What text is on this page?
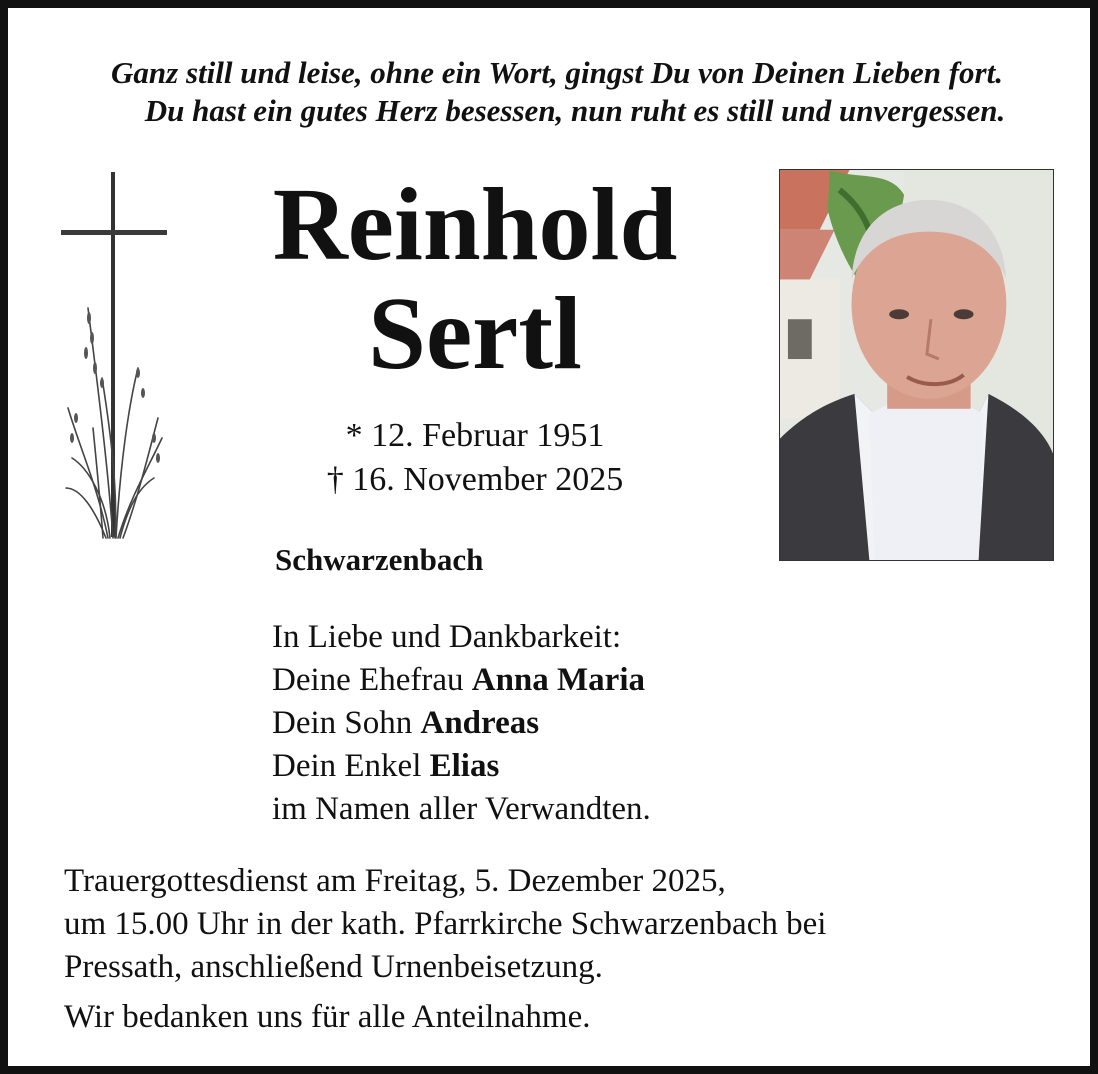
Ganz still und leise, ohne ein Wort, gingst Du von Deinen Lieben fort.
Du hast ein gutes Herz besessen, nun ruht es still und unvergessen.
Reinhold
Sertl
* 12. Februar 1951
† 16. November 2025
Schwarzenbach
In Liebe und Dankbarkeit:
Deine Ehefrau Anna Maria
Dein Sohn Andreas
Dein Enkel Elias
im Namen aller Verwandten.
Trauergottesdienst am Freitag, 5. Dezember 2025,
um 15.00 Uhr in der kath. Pfarrkirche Schwarzenbach bei
Pressath, anschließend Urnenbeisetzung.
Wir bedanken uns für alle Anteilnahme.
